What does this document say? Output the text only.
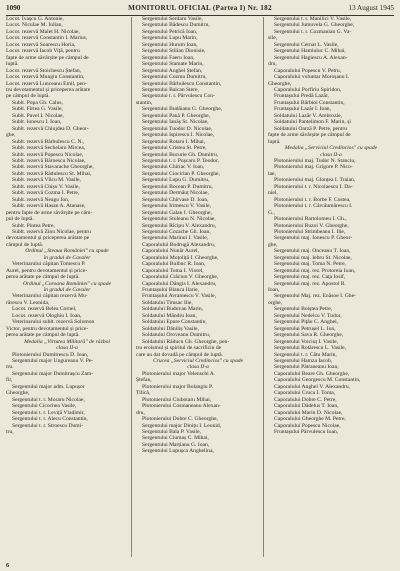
1090	MONITORUL OFICIAL (Partea I) Nr. 182	13 August 1945
Locot. Ivașcu G. Antonie,
Locot. Niculae M. Iulian,
Locot. rezervă Malet H. Nicolae,
Locot. rezervă Constantin I. Marius,
Locot. rezervă Soarescu Horia,
Locot. rezervă Iacob Viță, pentru
fapte de arme săvârșite pe câmpul de
luptă.
Locot. rezervă Stoichescu Ștefan,
Locot. rezervă Mungiu Constantin,
Locot. rezervă Lunceanu Emil, pen-
tru devotamentul și priceperea arătate
pe câmpul de luptă.
Sublt. Popa Gh. Calus,
Sublt. Fîrtea G. Vasile,
Sublt. Pavel I. Nicolae,
Sublt. Ionescu I. Ioan,
Sublt. rezervă Chiujdea D. Gheor-
ghe,
Sublt. rezervă Bărbulescu C. N.,
Sublt. rezervă Sechelaru Mircea,
Sublt. rezervă Popescu Nicolae,
Sublt. rezervă Bărnescu Nicolae,
Sublt. rezervă Stavarache Gheorghe,
Sublt. rezervă Rădulescu St. Mihai,
Sublt. rezervă Vîlcu M. Vasile,
Sublt. rezervă Chișu V. Vasile,
Sublt. rezervă Cozma I. Petre,
Sublt. rezervă Neagu Ion,
Sublt. rezervă Hasan A. Atanase,
pentru fapte de arme săvârșite pe câm-
pul de luptă.
Sublt. Pintea Petre,
Sublt. rezervă Zinu Nicolae, pentru
devotamentul și priceperea arătate pe
câmpul de luptă.
Ordinul „Steaua României" cu spade
în gradul de Cavaler
Veterinarului căpitan Tomescu P.
Aurel, pentru devotamentul și price-
perea arătate pe câmpul de luptă.
Ordinul „Coroana României" cu spade
în gradul de Cavaler
Veterinarului căpitan rezervă Mu-
rărescu V. Leonida,
Locot. rezervă Belea Cornel,
Locot. rezervă Ologhiu I. Ioan,
Veterinarului sublt. rezervă Solomon
Victor, pentru devotamentul și price-
perea arătate pe câmpul de luptă.
Medalia „Virtutea Militară" de război
clasa II-a
Plotonierului Dumitrescu D. Ioan,
Sergentului major Ungureanu V. Pe-
tru.
Sergentului major Dumitrașcu Zam-
fir,
Sergentului major adm. Lupușor
Gheorghe,
Sergentului t. r. Moraru Nicolae,
Sergentului Cicochea Vasile,
Sergentului t. r. Leviță Vladimir,
Sergentului t. r. Alecu Constantin,
Sergentului t. r. Stroescu Dumi-
tru,
Sergentului Serdaru Vasile,
Sergentului Bădescu Dumitru,
Sergentului Petrică Ioan,
Sergentului Lupu Marin,
Sergentului Hurum Ioan,
Sergentului Stilian Dionisie,
Sergentului Faeru Ioan,
Sergentului Stamate Marin,
Sergentului Anghel Ștefan,
Sergentului Cozma Dumitru,
Sergentului Bărbulescu Constantin,
Sergentului Balcan Stere,
Sergentului t. r. Pârvulescu Con-
stantin,
Sergentului Budăianu G. Gheorghe,
Sergentului Pană P. Gheorghe,
Sergentului Ianăș St. Nicolae,
Sergentului Tuodor D. Nicolae,
Sergentului Ispirescu I. Nicolae,
Sergentului Rotaru I. Mihai,
Sergentului Cristea St. Petre,
Sergentului Bucurie Gh. Dumitru,
Sergentului t. r. Pușcaru P. Teodor,
Sergentului Chiriac V. Ioan,
Sergentului Ciocirlan P. Gheorghe,
Sergentului Lupu G. Dumitru,
Sergentului Bocean P. Dumitru,
Sergentului Dermăuț Nicolae,
Sergentului Chirvase D. Ioan,
Sergentului Irimescu V. Vasile,
Sergentului Galan I. Gheorghe,
Sergentului Stoleanu N. Nicolae,
Sergentului Rîcipu V. Alexandru,
Sergentului Cozache Gh. Ioan,
Sergentului Marinoi I. Vasile,
Caporalului Bodrugă Alexandru,
Caporalului Nunăr Aurel,
Caporalului Moțoliță I. Gheorghe,
Caporalului Bulbuc R. Ioan,
Caporalului Toma I. Viorel,
Caporalului Crăciun V. Gheorghe,
Caporalului Dăngis I. Alexandru,
Fruntașului Blanca Ilarie,
Fruntașului Avramescu V. Vasile,
Soldatului Timsac Ilie,
Soldatului Buduvan Marin,
Soldatului Măndru Ioan,
Soldatului Epure Constantin,
Soldatului Dăniliș Vasile,
Soldatului Oroveanu Dumitru,
Soldatului Răducu Gh. Gheorghe, pen-
tru eroismul și spiritul de sacrificiu de
care au dat dovadă pe câmpul de luptă.
Crucea „Serviciul Credincios" cu spade
clasa II-a
Plotonierului major Velenschi A.
Ștefan,
Plotonierului major Bolangiu P.
Tilică,
Plotonierului Ciubotaru Mihai,
Plotonierului Cosmaneanu Alexan-
dru,
Plotonierului Dobre C. Gheorghe,
Sergentului major Dinițu I. Leonid,
Sergentului Bala P. Vasile,
Sergentului Ciumaș C. Mihai,
Sergentului Marțianu G. Ioan,
Sergentului Lupușca Anghelina,
Sergentului t. r. Manilici V. Vasile,
Sergentului Jumuvela G. Gheorghe,
Sergentului t. r. Cozmanian G. Va-
sile,
Sergentului Cernat L. Vasile,
Sergentului Hamiuluc C. Mihai,
Sergentului Hagiescu A. Alexan-
dru,
Caporalului Popescu V. Petru,
Caporalului voluntar Moroșanu I.
Gheorghe,
Caporalului Porfiriu Spiridon,
Fruntașului Predă Lazăr,
Fruntașului Bărbioi Constantin,
Fruntașului Lazăr I. Ioan,
Soldatului Lazăr V. Ambrozie,
Soldatului Pantelimon F. Marin, și
Soldatului Oarză P. Petre, pentru
fapte de arme săvârșite pe câmpul de
luptă.
Medalia „Serviciul Credincios" cu spade
clasa II-a
Plotonierului maj. Tudor N. Stanciu,
Plotonierului maj. Grigore P. Nico-
lae,
Plotonierului maj. Glonțea I. Traian,
Plotonierului t. r. Nicolaescu I. Da-
niel,
Plotonierului t. r. Borbe F. Costea,
Plotonierului t. r. Cârcăumărescu I.
G.,
Plotonierului Bartolomeu I. Gh.,
Plotonierului Buzoi V. Gheorghe,
Plotonierului Strimbeanu I. Ilie,
Sergentului maj. Ionescu P. Gheor-
ghe,
Sergentului maj. Onceanu T. Ioan,
Sergentului maj. Iebru St. Nicolae,
Sergentului maj. Toma N. Petre,
Sergentului maj. rez. Protoreia Ioan,
Sergentului maj. rez. Caţa Iosif,
Sergentului maj. rez. Apostol B.
Ioan,
Sergentului Maj. rez. Enăsoe I. Ghe-
orghe,
Sergentului Boiștea Petre,
Sergentului Nedelcu V. Tudor,
Sergentului Pițău C. Anghel,
Sergentului Petrușel L. Ion,
Sergentului Sava R. Gheorghe,
Sergentului Voiciuț I. Vasile,
Sergentului Rotărescu L. Vasile,
Sergentului t. r. Cătu Marin,
Sergentului Hamza Iacob,
Sergentului Pătraneanu Ioan,
Caporalului Beare Gh. Gheorghe,
Caporalului Georgescu M. Constantin,
Caporalului Anghel V. Alexandru,
Caporalului Cruca I. Toma,
Caporalului Dobre C. Petre,
Caporalului Dădelus T. Ioan,
Caporalului Marin D. Nicolae,
Caporalului Gheorghe M. Petre,
Caporalului Popescu Nicolae,
Fruntașului Pârvulescu Ioan,
6
